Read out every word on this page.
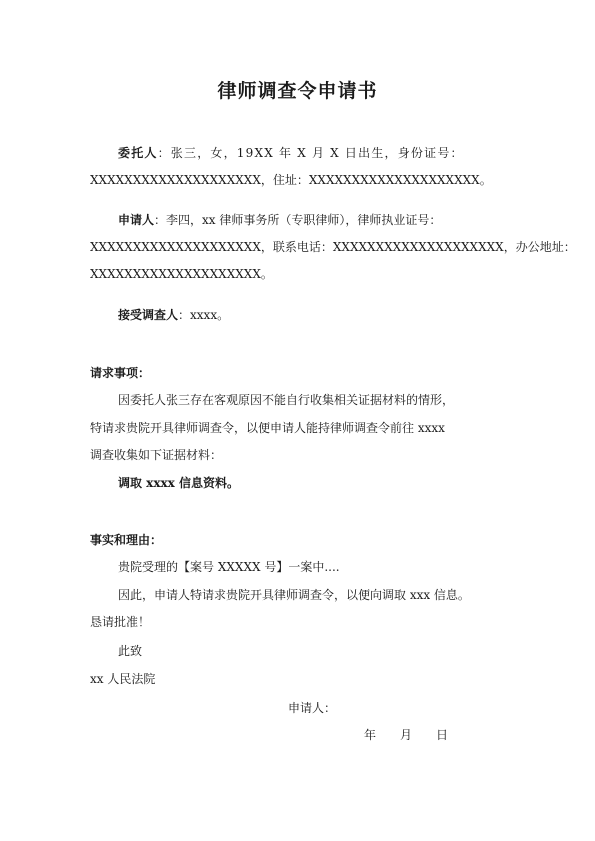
律师调查令申请书
委托人：张三，女，19XX 年 X 月 X 日出生，身份证号：
XXXXXXXXXXXXXXXXXXXX，住址：XXXXXXXXXXXXXXXXXXXX。
申请人：李四，xx 律师事务所（专职律师），律师执业证号：
XXXXXXXXXXXXXXXXXXXX，联系电话：XXXXXXXXXXXXXXXXXXXX，办公地址：
XXXXXXXXXXXXXXXXXXXX。
接受调查人：xxxx。
请求事项：
因委托人张三存在客观原因不能自行收集相关证据材料的情形，
特请求贵院开具律师调查令，以便申请人能持律师调查令前往 xxxx
调查收集如下证据材料：
调取 xxxx 信息资料。
事实和理由：
贵院受理的【案号 XXXXX 号】一案中....
因此，申请人特请求贵院开具律师调查令，以便向调取 xxx 信息。
恳请批准！
此致
xx 人民法院
申请人：
年　　月　　日
